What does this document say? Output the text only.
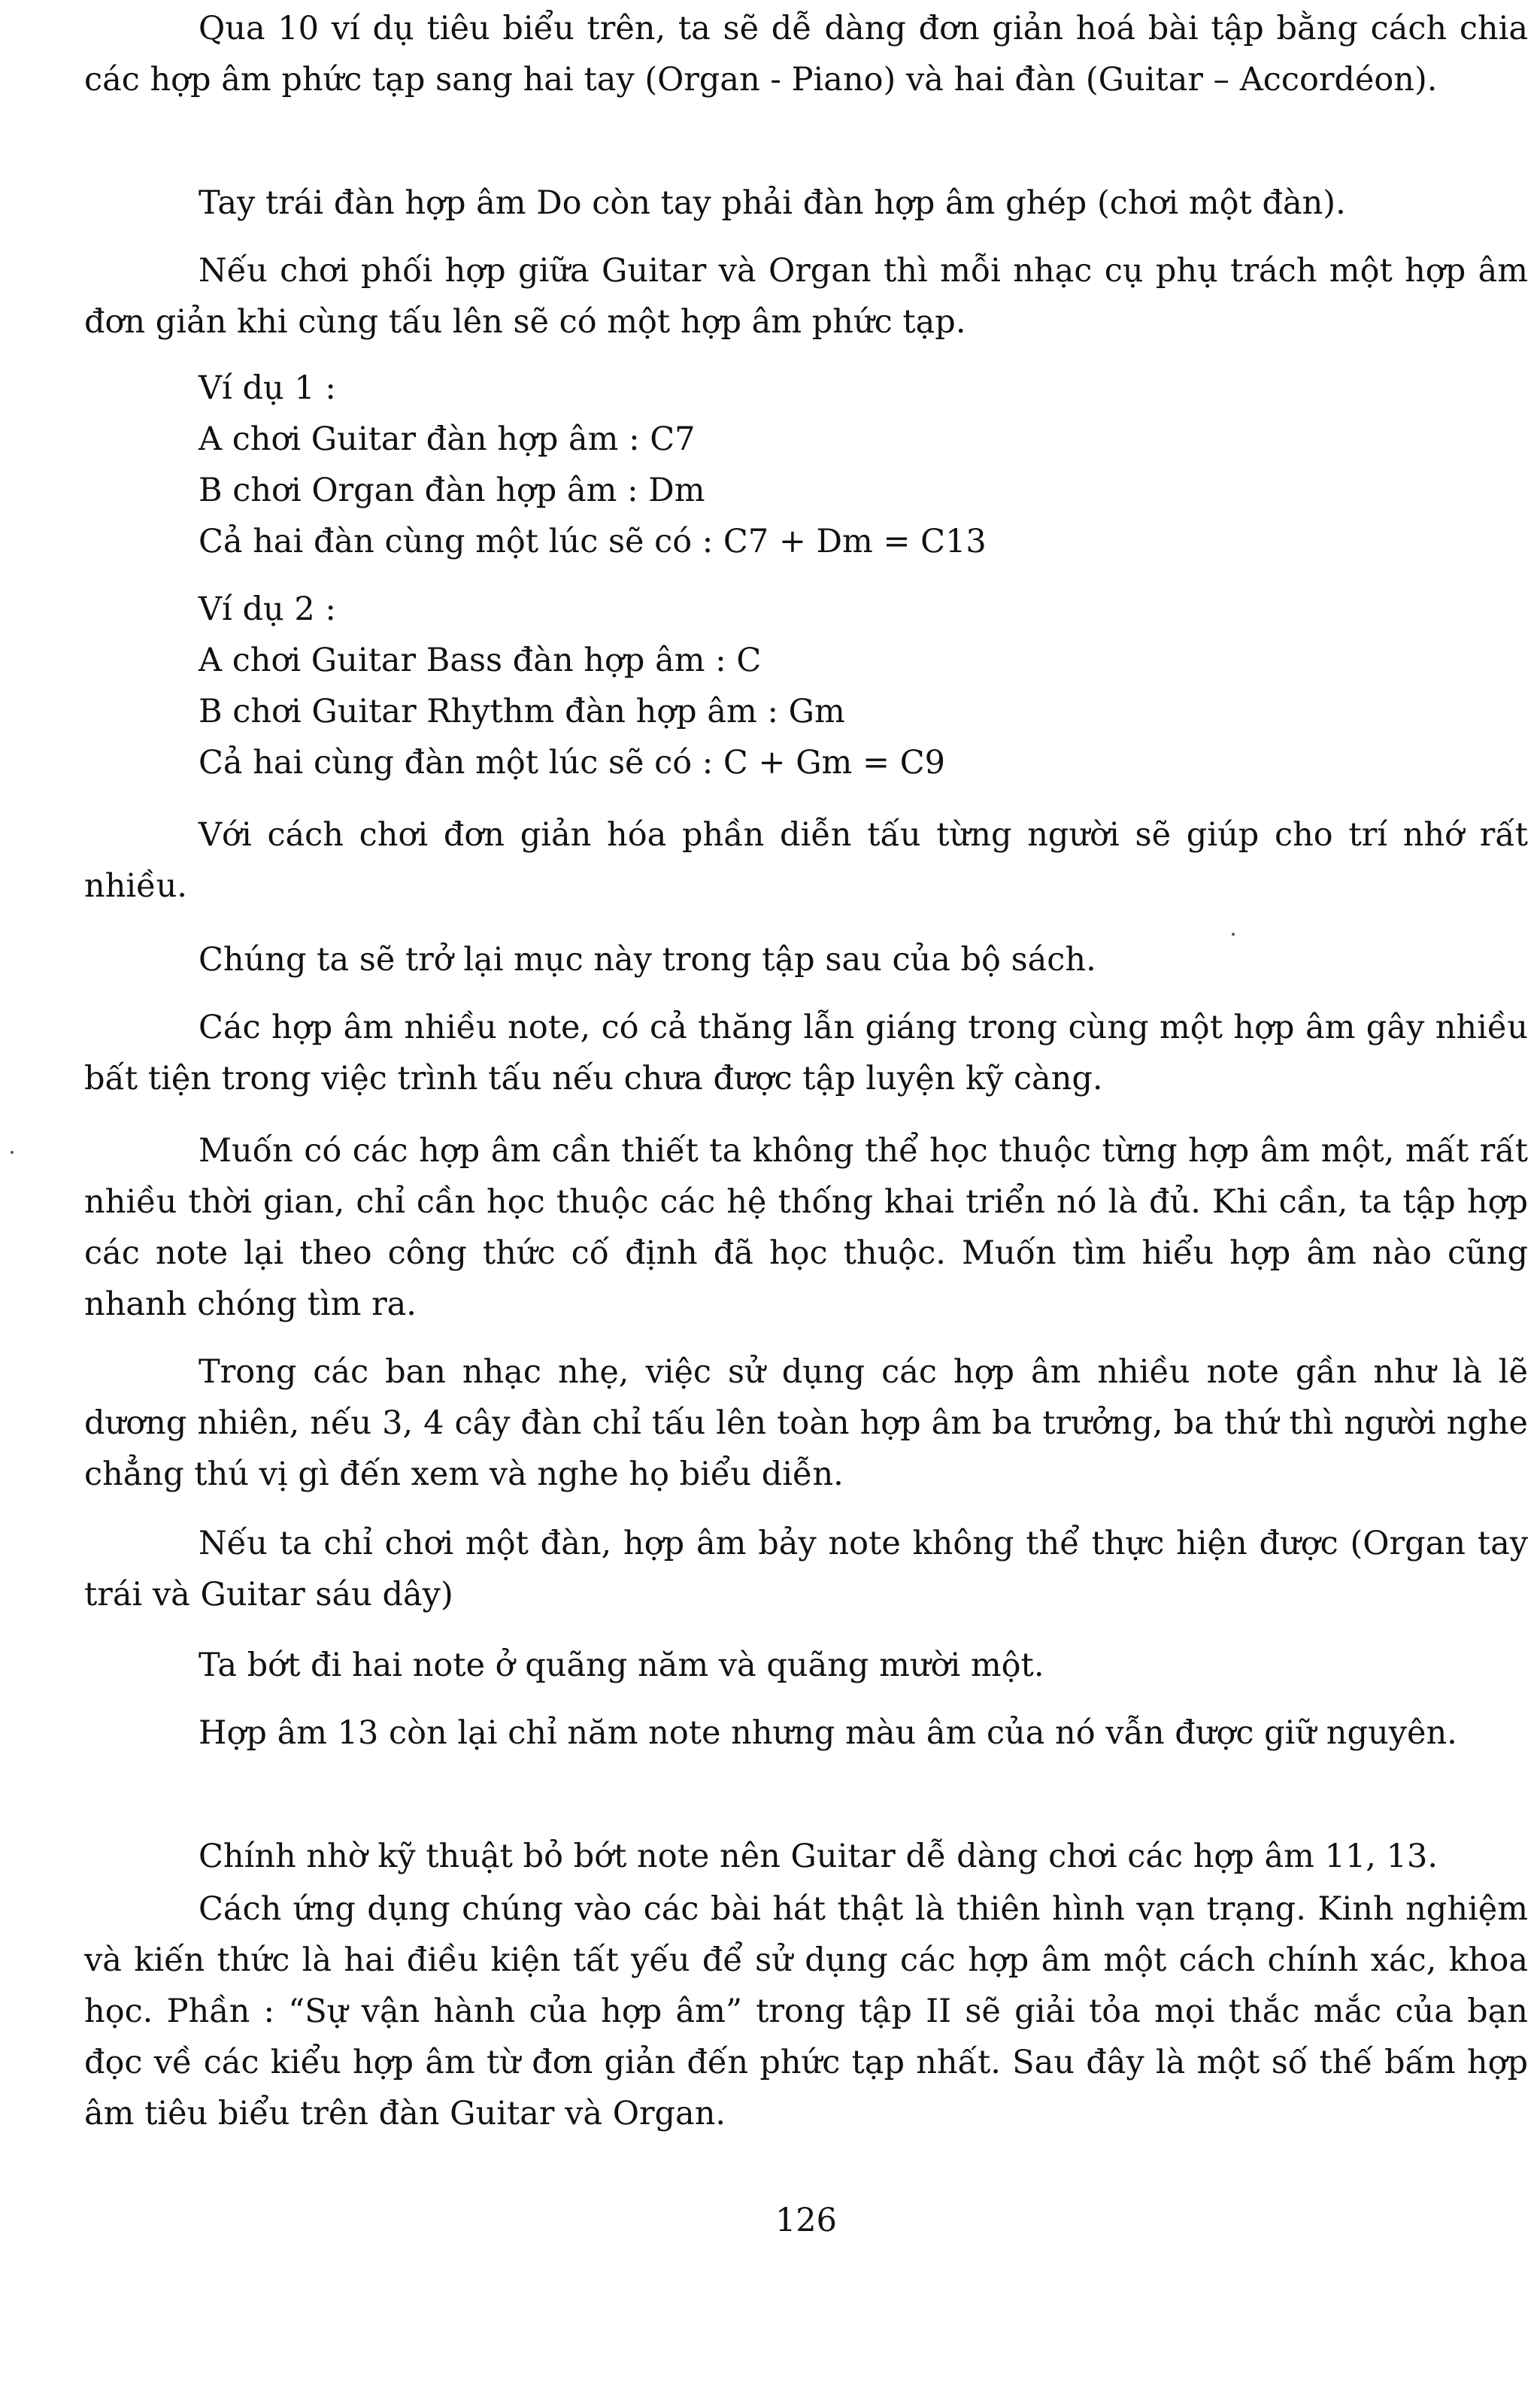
Qua 10 ví dụ tiêu biểu trên, ta sẽ dễ dàng đơn giản hoá bài tập bằng cách chia các hợp âm phức tạp sang hai tay (Organ - Piano) và hai đàn (Guitar – Accordéon).

Tay trái đàn hợp âm Do còn tay phải đàn hợp âm ghép (chơi một đàn).

Nếu chơi phối hợp giữa Guitar và Organ thì mỗi nhạc cụ phụ trách một hợp âm đơn giản khi cùng tấu lên sẽ có một hợp âm phức tạp.

Ví dụ 1 :
A chơi Guitar đàn hợp âm : C7
B chơi Organ đàn hợp âm : Dm
Cả hai đàn cùng một lúc sẽ có : C7 + Dm = C13
Ví dụ 2 :
A chơi Guitar Bass đàn hợp âm : C
B chơi Guitar Rhythm đàn hợp âm : Gm
Cả hai cùng đàn một lúc sẽ có : C + Gm = C9

Với cách chơi đơn giản hóa phần diễn tấu từng người sẽ giúp cho trí nhớ rất nhiều.

Chúng ta sẽ trở lại mục này trong tập sau của bộ sách.

Các hợp âm nhiều note, có cả thăng lẫn giáng trong cùng một hợp âm gây nhiều bất tiện trong việc trình tấu nếu chưa được tập luyện kỹ càng.

Muốn có các hợp âm cần thiết ta không thể học thuộc từng hợp âm một, mất rất nhiều thời gian, chỉ cần học thuộc các hệ thống khai triển nó là đủ. Khi cần, ta tập hợp các note lại theo công thức cố định đã học thuộc. Muốn tìm hiểu hợp âm nào cũng nhanh chóng tìm ra.

Trong các ban nhạc nhẹ, việc sử dụng các hợp âm nhiều note gần như là lẽ dương nhiên, nếu 3, 4 cây đàn chỉ tấu lên toàn hợp âm ba trưởng, ba thứ thì người nghe chẳng thú vị gì đến xem và nghe họ biểu diễn.

Nếu ta chỉ chơi một đàn, hợp âm bảy note không thể thực hiện được (Organ tay trái và Guitar sáu dây)

Ta bớt đi hai note ở quãng năm và quãng mười một.

Hợp âm 13 còn lại chỉ năm note nhưng màu âm của nó vẫn được giữ nguyên.

Chính nhờ kỹ thuật bỏ bớt note nên Guitar dễ dàng chơi các hợp âm 11, 13.

Cách ứng dụng chúng vào các bài hát thật là thiên hình vạn trạng. Kinh nghiệm và kiến thức là hai điều kiện tất yếu để sử dụng các hợp âm một cách chính xác, khoa học. Phần : “Sự vận hành của hợp âm” trong tập II sẽ giải tỏa mọi thắc mắc của bạn đọc về các kiểu hợp âm từ đơn giản đến phức tạp nhất. Sau đây là một số thế bấm hợp âm tiêu biểu trên đàn Guitar và Organ.

126
